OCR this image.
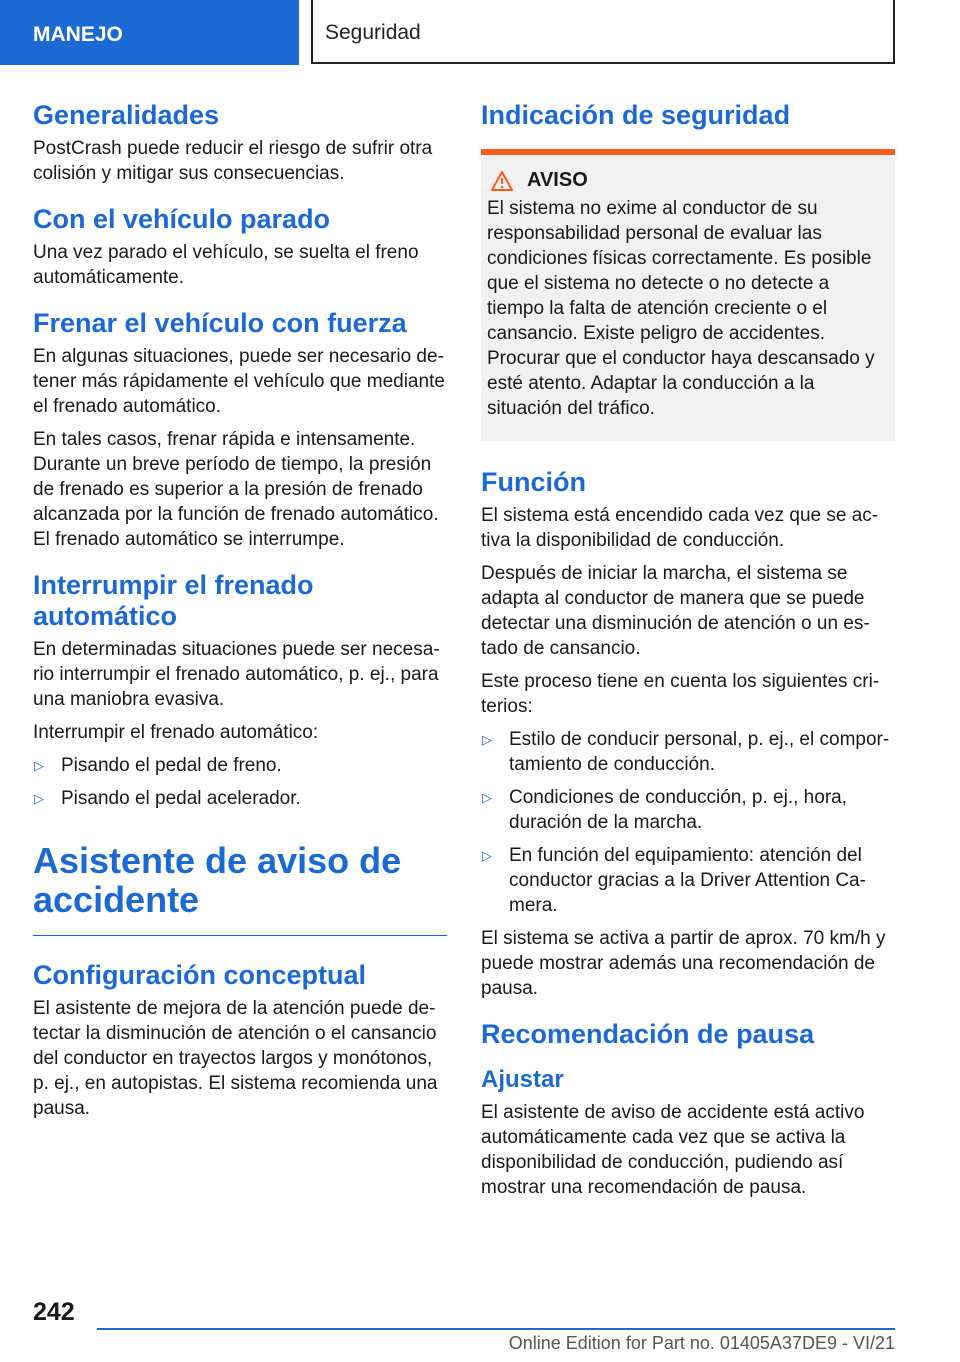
MANEJO	Seguridad
Generalidades

PostCrash puede reducir el riesgo de sufrir otra colisión y mitigar sus consecuencias.

Con el vehículo parado

Una vez parado el vehículo, se suelta el freno automáticamente.

Frenar el vehículo con fuerza

En algunas situaciones, puede ser necesario detener más rápidamente el vehículo que mediante el frenado automático.

En tales casos, frenar rápida e intensamente. Durante un breve período de tiempo, la presión de frenado es superior a la presión de frenado alcanzada por la función de frenado automático. El frenado automático se interrumpe.

Interrumpir el frenado automático

En determinadas situaciones puede ser necesario interrumpir el frenado automático, p. ej., para una maniobra evasiva.

Interrumpir el frenado automático:

▷ Pisando el pedal de freno.
▷ Pisando el pedal acelerador.
Asistente de aviso de accidente
Configuración conceptual

El asistente de mejora de la atención puede detectar la disminución de atención o el cansancio del conductor en trayectos largos y monótonos, p. ej., en autopistas. El sistema recomienda una pausa.

Indicación de seguridad
AVISO

El sistema no exime al conductor de su responsabilidad personal de evaluar las condiciones físicas correctamente. Es posible que el sistema no detecte o no detecte a tiempo la falta de atención creciente o el cansancio. Existe peligro de accidentes. Procurar que el conductor haya descansado y esté atento. Adaptar la conducción a la situación del tráfico.

Función

El sistema está encendido cada vez que se activa la disponibilidad de conducción.

Después de iniciar la marcha, el sistema se adapta al conductor de manera que se puede detectar una disminución de atención o un estado de cansancio.

Este proceso tiene en cuenta los siguientes criterios:

▷ Estilo de conducir personal, p. ej., el comportamiento de conducción.
▷ Condiciones de conducción, p. ej., hora, duración de la marcha.
▷ En función del equipamiento: atención del conductor gracias a la Driver Attention Camera.

El sistema se activa a partir de aprox. 70 km/h y puede mostrar además una recomendación de pausa.

Recomendación de pausa
Ajustar

El asistente de aviso de accidente está activo automáticamente cada vez que se activa la disponibilidad de conducción, pudiendo así mostrar una recomendación de pausa.

242
Online Edition for Part no. 01405A37DE9 - VI/21
